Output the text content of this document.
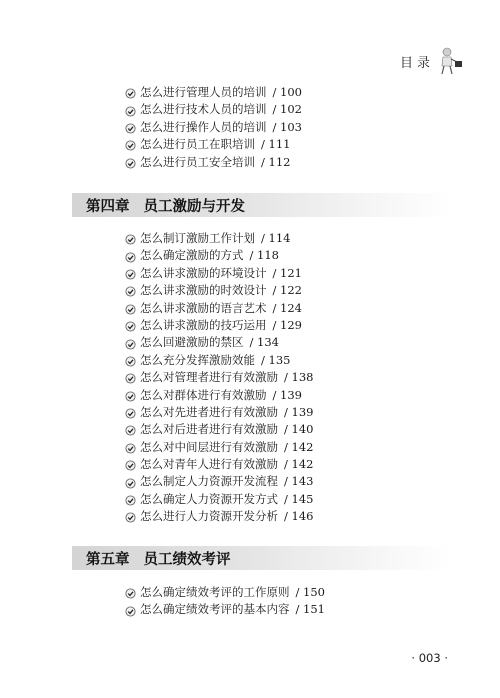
目录
怎么进行管理人员的培训 / 100
怎么进行技术人员的培训 / 102
怎么进行操作人员的培训 / 103
怎么进行员工在职培训 / 111
怎么进行员工安全培训 / 112
第四章 员工激励与开发
怎么制订激励工作计划 / 114
怎么确定激励的方式 / 118
怎么讲求激励的环境设计 / 121
怎么讲求激励的时效设计 / 122
怎么讲求激励的语言艺术 / 124
怎么讲求激励的技巧运用 / 129
怎么回避激励的禁区 / 134
怎么充分发挥激励效能 / 135
怎么对管理者进行有效激励 / 138
怎么对群体进行有效激励 / 139
怎么对先进者进行有效激励 / 139
怎么对后进者进行有效激励 / 140
怎么对中间层进行有效激励 / 142
怎么对青年人进行有效激励 / 142
怎么制定人力资源开发流程 / 143
怎么确定人力资源开发方式 / 145
怎么进行人力资源开发分析 / 146
第五章 员工绩效考评
怎么确定绩效考评的工作原则 / 150
怎么确定绩效考评的基本内容 / 151
· 003 ·
